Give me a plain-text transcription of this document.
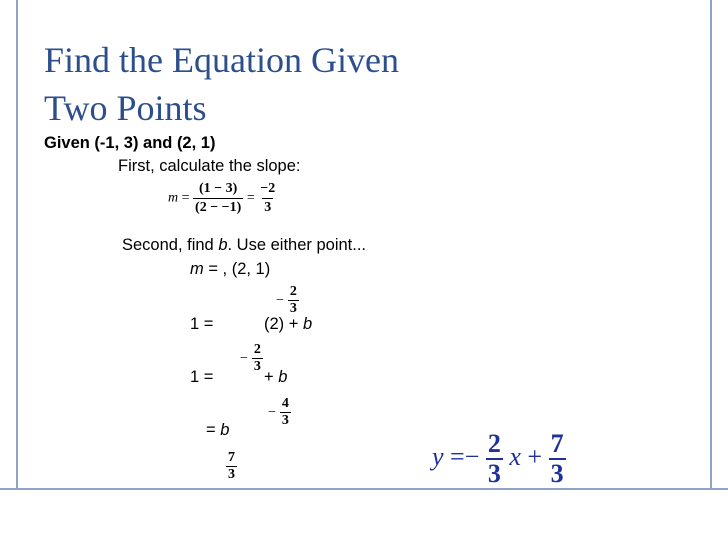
Find the Equation Given
Two Points
Given (-1, 3) and (2, 1)
First, calculate the slope:
$m = \frac{(1 - 3)}{(2 - -1)} = \frac{-2}{3}$
Second, find b. Use either point...
m = , (2, 1)
− $\frac{2}{3}$
1 =	(2) + b
− $\frac{2}{3}$
1 =	+ b
− $\frac{4}{3}$
= b
$\frac{7}{3}$	$y =- \frac{2}{3}$ $x + \frac{7}{3}$
